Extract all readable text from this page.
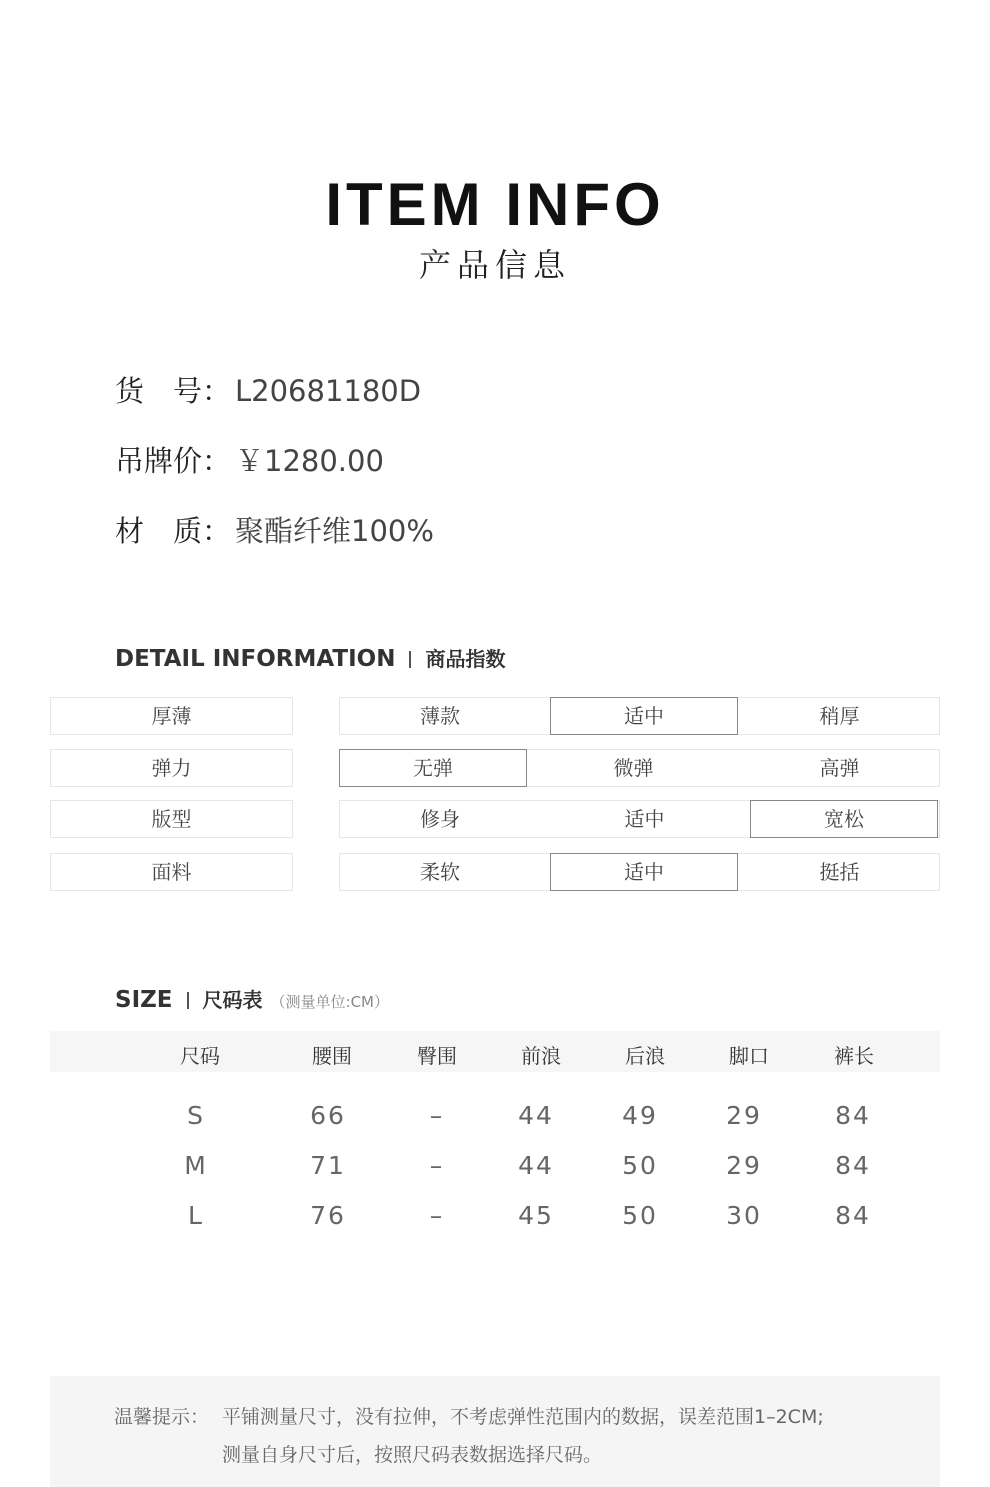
ITEM INFO
产品信息
货　号： L20681180D
吊牌价： ￥1280.00
材　质： 聚酯纤维100%
DETAIL INFORMATION 商品指数
厚薄	薄款	适中	稍厚
弹力	无弹	微弹	高弹
版型	修身	适中	宽松
面料	柔软	适中	挺括
SIZE 尺码表 （测量单位:CM）
尺码	腰围	臀围	前浪	后浪	脚口	裤长
S	66	–	44	49	29	84
M	71	–	44	50	29	84
L	76	–	45	50	30	84
温馨提示： 平铺测量尺寸，没有拉伸，不考虑弹性范围内的数据，误差范围1–2CM;
测量自身尺寸后，按照尺码表数据选择尺码。
